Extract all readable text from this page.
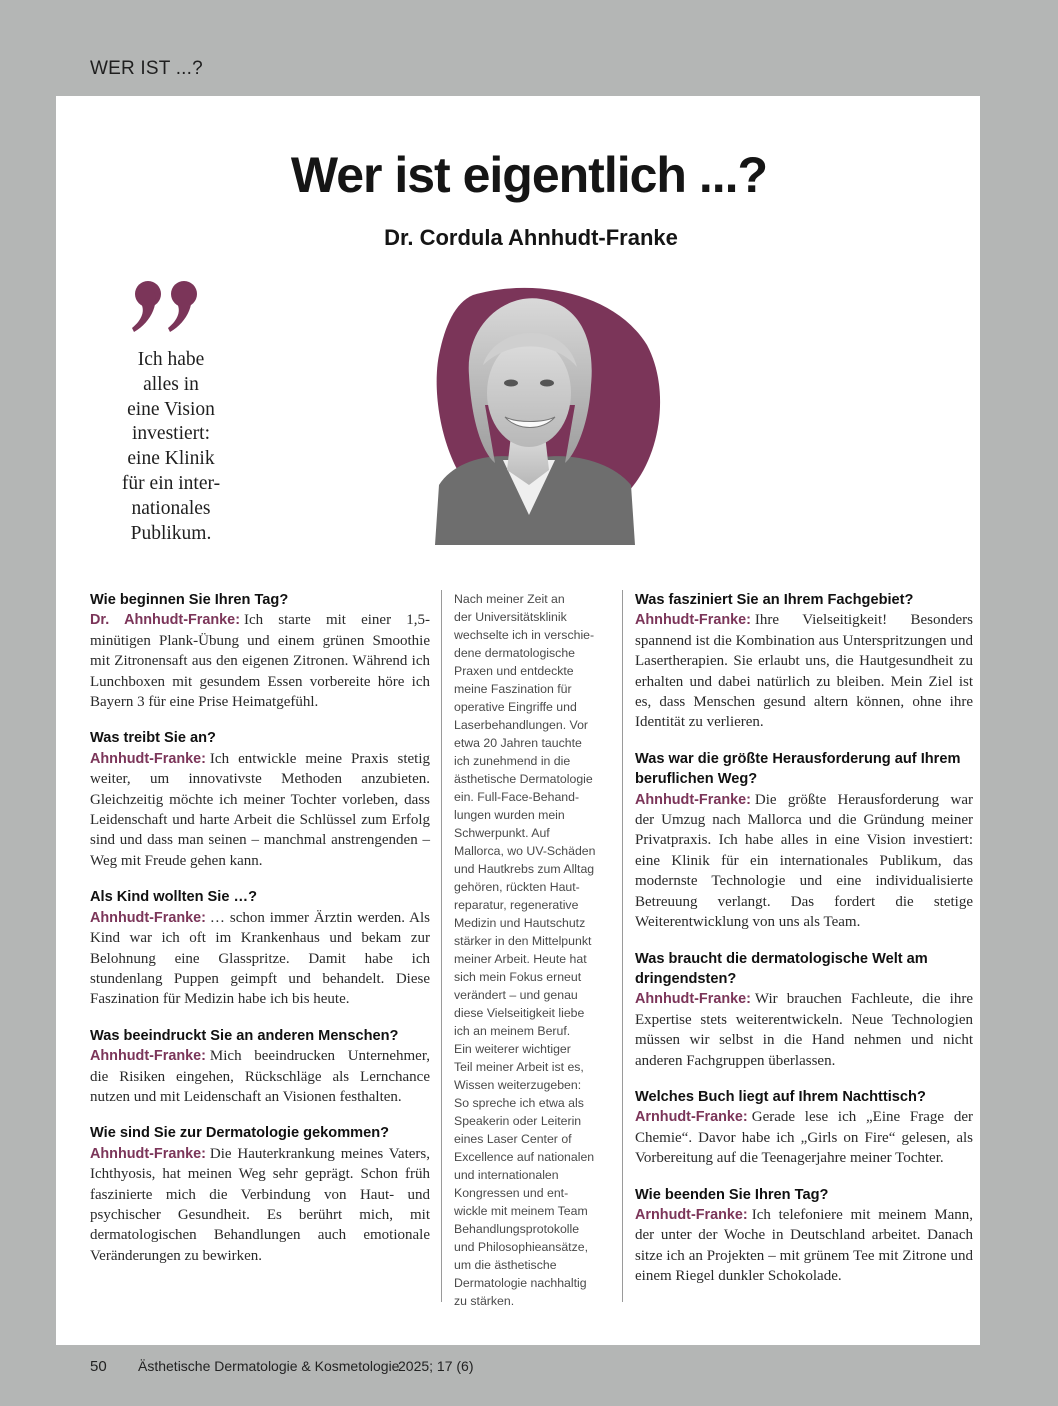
WER IST ...?
Wer ist eigentlich ...?
Dr. Cordula Ahnhudt-Franke
Ich habe
alles in
eine Vision
investiert:
eine Klinik
für ein inter-
nationales
Publikum.
Wie beginnen Sie Ihren Tag?
Dr. Ahnhudt-Franke: Ich starte mit einer 1,5-minütigen Plank-Übung und einem grünen Smoothie mit Zitronensaft aus den eigenen Zitronen. Während ich Lunchboxen mit gesundem Essen vorbereite höre ich Bayern 3 für eine Prise Heimatgefühl.
Was treibt Sie an?
Ahnhudt-Franke: Ich entwickle meine Praxis stetig weiter, um innovativste Methoden anzubieten. Gleichzeitig möchte ich meiner Tochter vorleben, dass Leidenschaft und harte Arbeit die Schlüssel zum Erfolg sind und dass man seinen – manchmal anstrengenden – Weg mit Freude gehen kann.
Als Kind wollten Sie …?
Ahnhudt-Franke: … schon immer Ärztin werden. Als Kind war ich oft im Krankenhaus und bekam zur Belohnung eine Glasspritze. Damit habe ich stundenlang Puppen geimpft und behandelt. Diese Faszination für Medizin habe ich bis heute.
Was beeindruckt Sie an anderen Menschen?
Ahnhudt-Franke: Mich beeindrucken Unternehmer, die Risiken eingehen, Rückschläge als Lernchance nutzen und mit Leidenschaft an Visionen festhalten.
Wie sind Sie zur Dermatologie gekommen?
Ahnhudt-Franke: Die Hauterkrankung meines Vaters, Ichthyosis, hat meinen Weg sehr geprägt. Schon früh faszinierte mich die Verbindung von Haut- und psychischer Gesundheit. Es berührt mich, mit dermatologischen Behandlungen auch emotionale Veränderungen zu bewirken.

Nach meiner Zeit an
der Universitätsklinik
wechselte ich in verschie-
dene dermatologische
Praxen und entdeckte
meine Faszination für
operative Eingriffe und
Laserbehandlungen. Vor
etwa 20 Jahren tauchte
ich zunehmend in die
ästhetische Dermatologie
ein. Full-Face-Behand-
lungen wurden mein
Schwerpunkt. Auf
Mallorca, wo UV-Schäden
und Hautkrebs zum Alltag
gehören, rückten Haut-
reparatur, regenerative
Medizin und Hautschutz
stärker in den Mittelpunkt
meiner Arbeit. Heute hat
sich mein Fokus erneut
verändert – und genau
diese Vielseitigkeit liebe
ich an meinem Beruf.
Ein weiterer wichtiger
Teil meiner Arbeit ist es,
Wissen weiterzugeben:
So spreche ich etwa als
Speakerin oder Leiterin
eines Laser Center of
Excellence auf nationalen
und internationalen
Kongressen und ent-
wickle mit meinem Team
Behandlungsprotokolle
und Philosophieansätze,
um die ästhetische
Dermatologie nachhaltig
zu stärken.

Was fasziniert Sie an Ihrem Fachgebiet?
Ahnhudt-Franke: Ihre Vielseitigkeit! Besonders spannend ist die Kombination aus Unterspritzungen und Lasertherapien. Sie erlaubt uns, die Hautgesundheit zu erhalten und dabei natürlich zu bleiben. Mein Ziel ist es, dass Menschen gesund altern können, ohne ihre Identität zu verlieren.
Was war die größte Herausforderung auf Ihrem beruflichen Weg?
Ahnhudt-Franke: Die größte Herausforderung war der Umzug nach Mallorca und die Gründung meiner Privatpraxis. Ich habe alles in eine Vision investiert: eine Klinik für ein internationales Publikum, das modernste Technologie und eine individualisierte Betreuung verlangt. Das fordert die stetige Weiterentwicklung von uns als Team.
Was braucht die dermatologische Welt am dringendsten?
Ahnhudt-Franke: Wir brauchen Fachleute, die ihre Expertise stets weiterentwickeln. Neue Technologien müssen wir selbst in die Hand nehmen und nicht anderen Fachgruppen überlassen.
Welches Buch liegt auf Ihrem Nachttisch?
Arnhudt-Franke: Gerade lese ich „Eine Frage der Chemie“. Davor habe ich „Girls on Fire“ gelesen, als Vorbereitung auf die Teenagerjahre meiner Tochter.
Wie beenden Sie Ihren Tag?
Arnhudt-Franke: Ich telefoniere mit meinem Mann, der unter der Woche in Deutschland arbeitet. Danach sitze ich an Projekten – mit grünem Tee mit Zitrone und einem Riegel dunkler Schokolade.
50 Ästhetische Dermatologie & Kosmetologie
2025; 17 (6)
